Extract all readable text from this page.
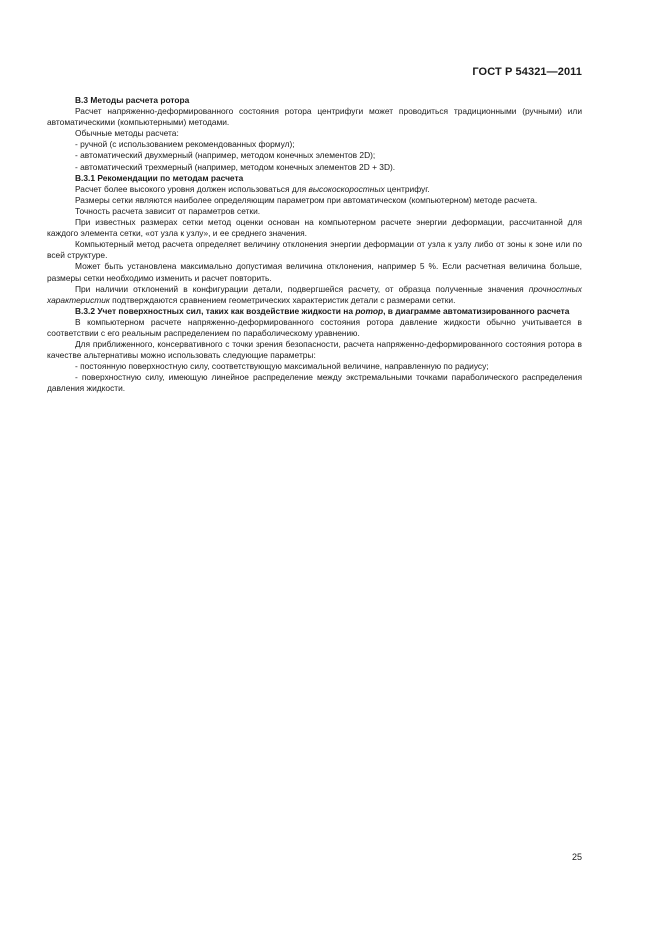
ГОСТ Р 54321—2011
В.3 Методы расчета ротора

Расчет напряженно-деформированного состояния ротора центрифуги может проводиться традиционными (ручными) или автоматическими (компьютерными) методами.

Обычные методы расчета:

- ручной (с использованием рекомендованных формул);

- автоматический двухмерный (например, методом конечных элементов 2D);

- автоматический трехмерный (например, методом конечных элементов 2D + 3D).

В.3.1 Рекомендации по методам расчета

Расчет более высокого уровня должен использоваться для высокоскоростных центрифуг.

Размеры сетки являются наиболее определяющим параметром при автоматическом (компьютерном) методе расчета.

Точность расчета зависит от параметров сетки.

При известных размерах сетки метод оценки основан на компьютерном расчете энергии деформации, рассчитанной для каждого элемента сетки, «от узла к узлу», и ее среднего значения.

Компьютерный метод расчета определяет величину отклонения энергии деформации от узла к узлу либо от зоны к зоне или по всей структуре.

Может быть установлена максимально допустимая величина отклонения, например 5 %. Если расчетная величина больше, размеры сетки необходимо изменить и расчет повторить.

При наличии отклонений в конфигурации детали, подвергшейся расчету, от образца полученные значения прочностных характеристик подтверждаются сравнением геометрических характеристик детали с размерами сетки.

В.3.2 Учет поверхностных сил, таких как воздействие жидкости на ротор, в диаграмме автоматизированного расчета

В компьютерном расчете напряженно-деформированного состояния ротора давление жидкости обычно учитывается в соответствии с его реальным распределением по параболическому уравнению.

Для приближенного, консервативного с точки зрения безопасности, расчета напряженно-деформированного состояния ротора в качестве альтернативы можно использовать следующие параметры:

- постоянную поверхностную силу, соответствующую максимальной величине, направленную по радиусу;

- поверхностную силу, имеющую линейное распределение между экстремальными точками параболического распределения давления жидкости.

25
